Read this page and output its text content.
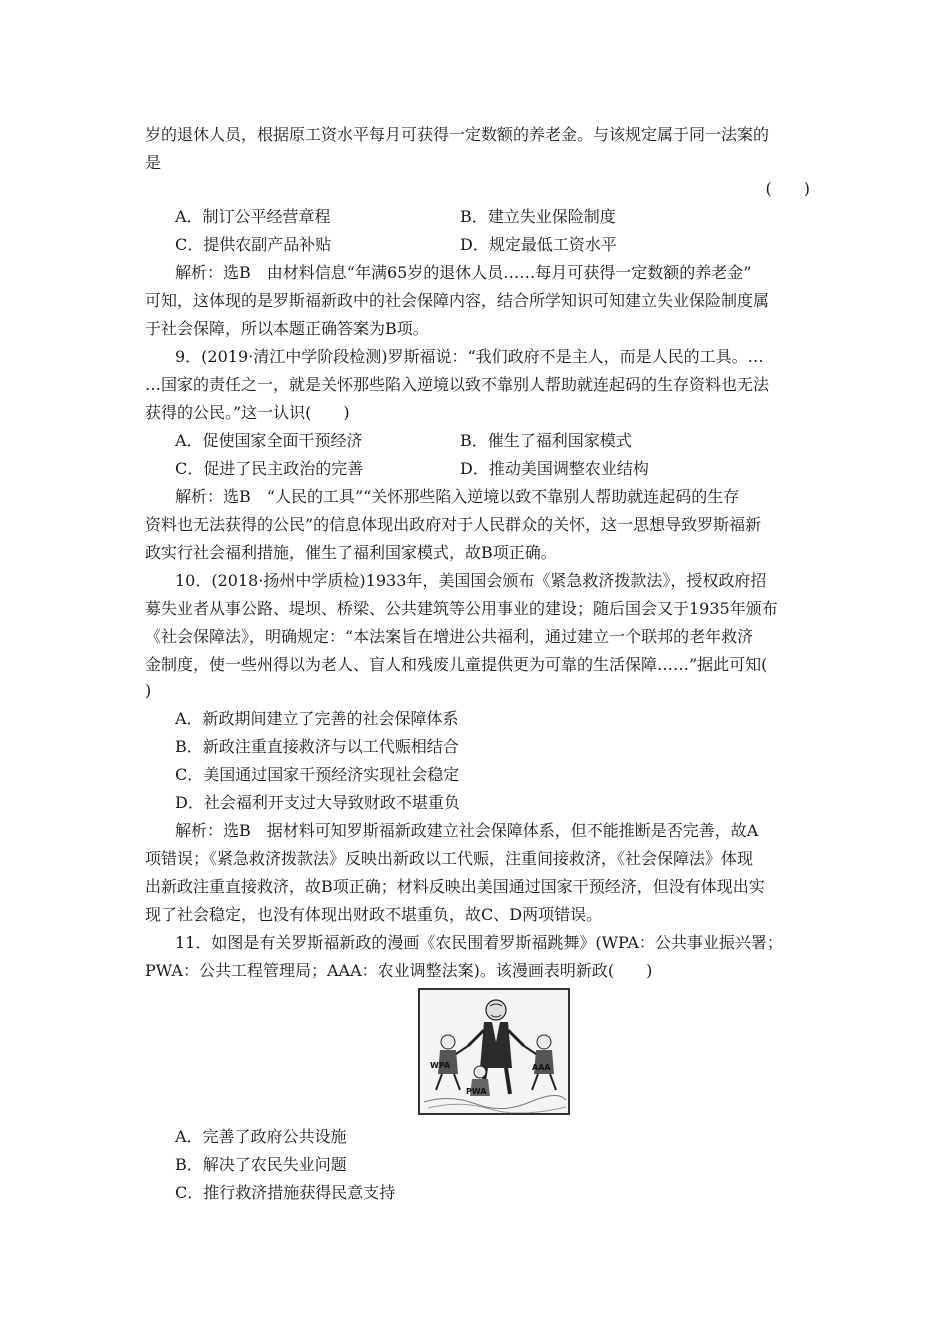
岁的退休人员，根据原工资水平每月可获得一定数额的养老金。与该规定属于同一法案的
是
(　　)
A．制订公平经营章程	B．建立失业保险制度
C．提供农副产品补贴	D．规定最低工资水平
解析：选B　由材料信息“年满65岁的退休人员……每月可获得一定数额的养老金”
可知，这体现的是罗斯福新政中的社会保障内容，结合所学知识可知建立失业保险制度属
于社会保障，所以本题正确答案为B项。
9．(2019·清江中学阶段检测)罗斯福说：“我们政府不是主人，而是人民的工具。…
…国家的责任之一，就是关怀那些陷入逆境以致不靠别人帮助就连起码的生存资料也无法
获得的公民。”这一认识(　　)
A．促使国家全面干预经济	B．催生了福利国家模式
C．促进了民主政治的完善	D．推动美国调整农业结构
解析：选B　“人民的工具”“关怀那些陷入逆境以致不靠别人帮助就连起码的生存
资料也无法获得的公民”的信息体现出政府对于人民群众的关怀，这一思想导致罗斯福新
政实行社会福利措施，催生了福利国家模式，故B项正确。
10．(2018·扬州中学质检)1933年，美国国会颁布《紧急救济拨款法》，授权政府招
募失业者从事公路、堤坝、桥梁、公共建筑等公用事业的建设；随后国会又于1935年颁布
《社会保障法》，明确规定：“本法案旨在增进公共福利，通过建立一个联邦的老年救济
金制度，使一些州得以为老人、盲人和残废儿童提供更为可靠的生活保障……”据此可知(
)
A．新政期间建立了完善的社会保障体系
B．新政注重直接救济与以工代赈相结合
C．美国通过国家干预经济实现社会稳定
D．社会福利开支过大导致财政不堪重负
解析：选B　据材料可知罗斯福新政建立社会保障体系，但不能推断是否完善，故A
项错误；《紧急救济拨款法》反映出新政以工代赈，注重间接救济，《社会保障法》体现
出新政注重直接救济，故B项正确；材料反映出美国通过国家干预经济，但没有体现出实
现了社会稳定，也没有体现出财政不堪重负，故C、D两项错误。
11．如图是有关罗斯福新政的漫画《农民围着罗斯福跳舞》(WPA：公共事业振兴署；
PWA：公共工程管理局；AAA：农业调整法案)。该漫画表明新政(　　)
WPA
PWA
AAA
A．完善了政府公共设施
B．解决了农民失业问题
C．推行救济措施获得民意支持
